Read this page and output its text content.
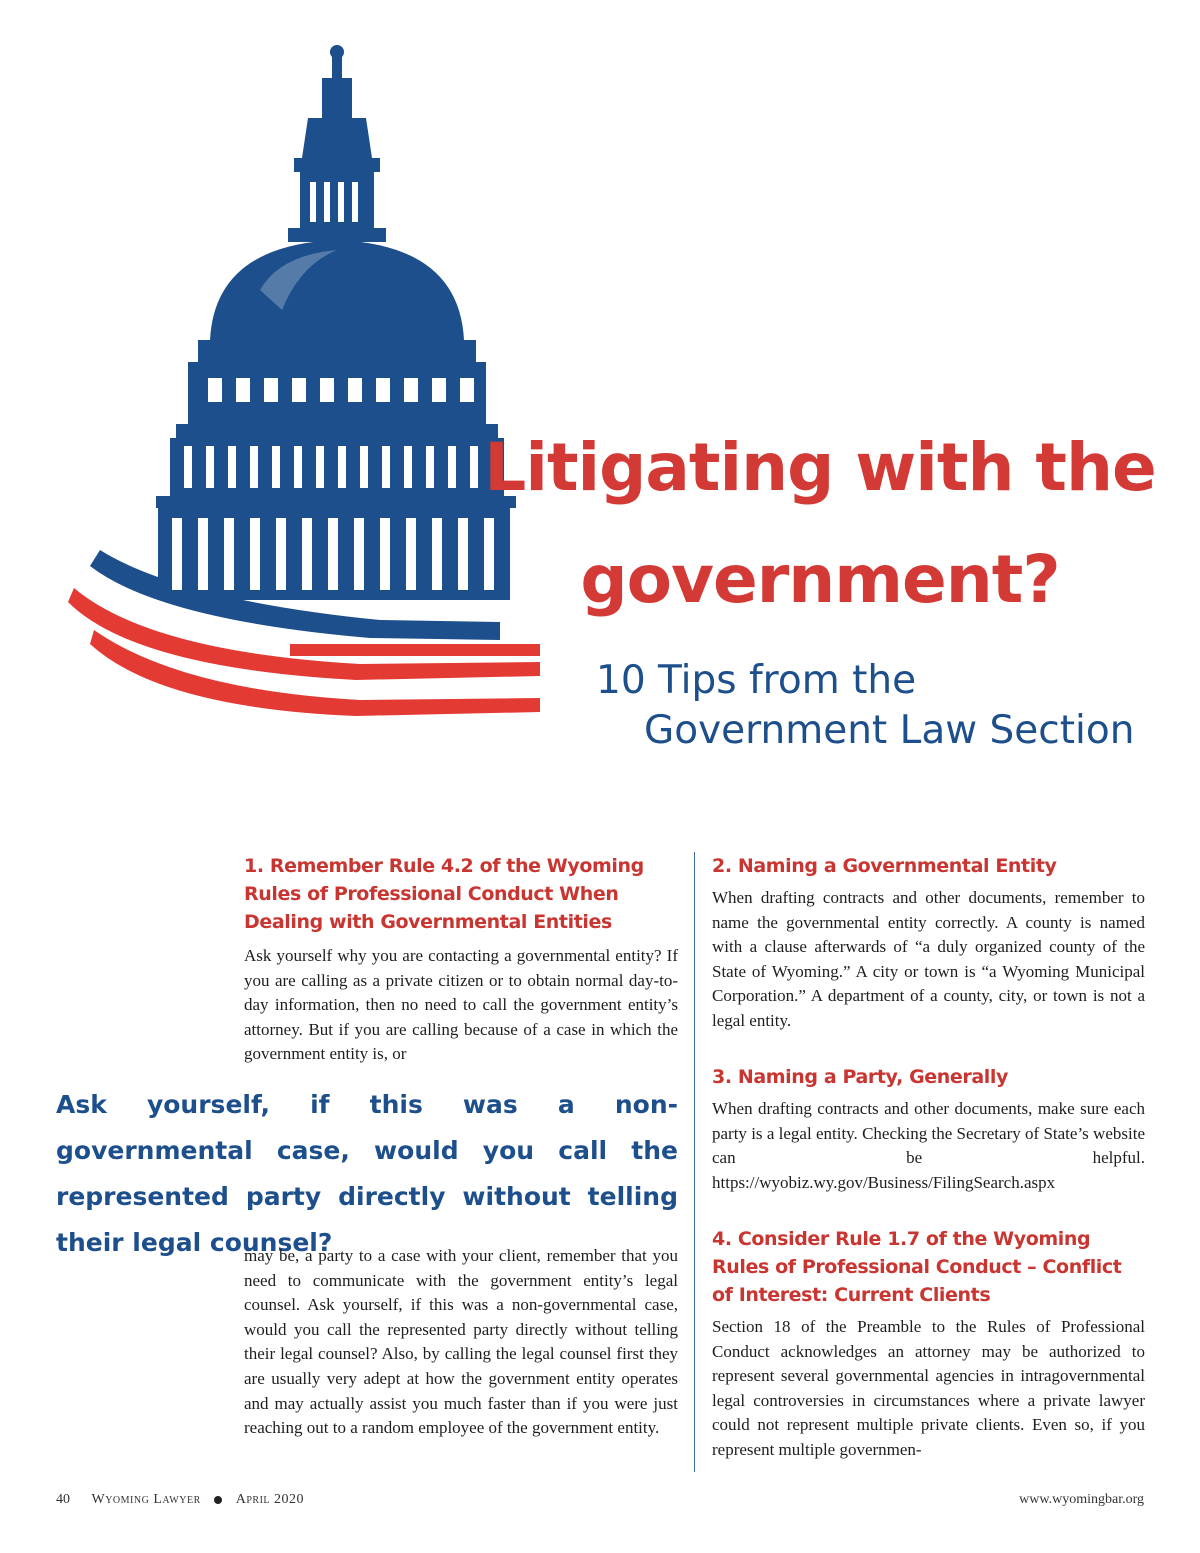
Litigating with the
government?

10 Tips from the
Government Law Section

1. Remember Rule 4.2 of the Wyoming Rules of Professional Conduct When Dealing with Governmental Entities

Ask yourself why you are contacting a governmental entity? If you are calling as a private citizen or to obtain normal day-to-day information, then no need to call the government entity’s attorney. But if you are calling because of a case in which the government entity is, or

Ask yourself, if this was a non-governmental case, would you call the represented party directly without telling their legal counsel?

may be, a party to a case with your client, remember that you need to communicate with the government entity’s legal counsel. Ask yourself, if this was a non-governmental case, would you call the represented party directly without telling their legal counsel? Also, by calling the legal counsel first they are usually very adept at how the government entity operates and may actually assist you much faster than if you were just reaching out to a random employee of the government entity.

2. Naming a Governmental Entity

When drafting contracts and other documents, remember to name the governmental entity correctly. A county is named with a clause afterwards of “a duly organized county of the State of Wyoming.” A city or town is “a Wyoming Municipal Corporation.” A department of a county, city, or town is not a legal entity.

3. Naming a Party, Generally

When drafting contracts and other documents, make sure each party is a legal entity. Checking the Secretary of State’s website can be helpful. https://wyobiz.wy.gov/Business/FilingSearch.aspx

4. Consider Rule 1.7 of the Wyoming Rules of Professional Conduct – Conflict of Interest: Current Clients

Section 18 of the Preamble to the Rules of Professional Conduct acknowledges an attorney may be authorized to represent several governmental agencies in intragovernmental legal controversies in circumstances where a private lawyer could not represent multiple private clients. Even so, if you represent multiple governmen-

40 Wyoming Lawyer	April 2020	www.wyomingbar.org
